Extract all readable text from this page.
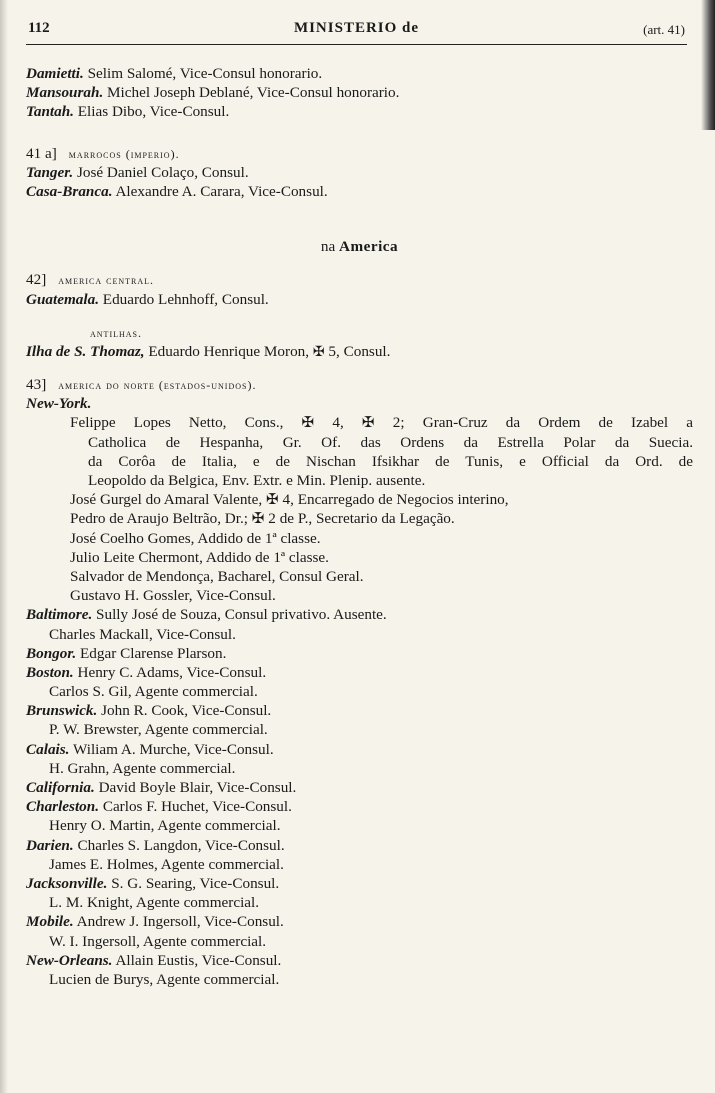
112	MINISTERIO de	(art. 41)
Damietti. Selim Salomé, Vice-Consul honorario.
Mansourah. Michel Joseph Deblané, Vice-Consul honorario.
Tantah. Elias Dibo, Vice-Consul.
41 a] marrocos (imperio).
Tanger. José Daniel Colaço, Consul.
Casa-Branca. Alexandre A. Carara, Vice-Consul.
na America
42] america central.
Guatemala. Eduardo Lehnhoff, Consul.
antilhas.
Ilha de S. Thomaz, Eduardo Henrique Moron, ✠ 5, Consul.
43] america do norte (estados-unidos).
New-York.
Felippe Lopes Netto, Cons., ✠ 4, ✠ 2; Gran-Cruz da Ordem de Izabel a
Catholica de Hespanha, Gr. Of. das Ordens da Estrella Polar da Suecia.
da Corôa de Italia, e de Nischan Ifsikhar de Tunis, e Official da Ord. de
Leopoldo da Belgica, Env. Extr. e Min. Plenip. ausente.
José Gurgel do Amaral Valente, ✠ 4, Encarregado de Negocios interino,
Pedro de Araujo Beltrão, Dr.; ✠ 2 de P., Secretario da Legação.
José Coelho Gomes, Addido de 1ª classe.
Julio Leite Chermont, Addido de 1ª classe.
Salvador de Mendonça, Bacharel, Consul Geral.
Gustavo H. Gossler, Vice-Consul.
Baltimore. Sully José de Souza, Consul privativo. Ausente.
Charles Mackall, Vice-Consul.
Bongor. Edgar Clarense Plarson.
Boston. Henry C. Adams, Vice-Consul.
Carlos S. Gil, Agente commercial.
Brunswick. John R. Cook, Vice-Consul.
P. W. Brewster, Agente commercial.
Calais. Wiliam A. Murche, Vice-Consul.
H. Grahn, Agente commercial.
California. David Boyle Blair, Vice-Consul.
Charleston. Carlos F. Huchet, Vice-Consul.
Henry O. Martin, Agente commercial.
Darien. Charles S. Langdon, Vice-Consul.
James E. Holmes, Agente commercial.
Jacksonville. S. G. Searing, Vice-Consul.
L. M. Knight, Agente commercial.
Mobile. Andrew J. Ingersoll, Vice-Consul.
W. I. Ingersoll, Agente commercial.
New-Orleans. Allain Eustis, Vice-Consul.
Lucien de Burys, Agente commercial.
